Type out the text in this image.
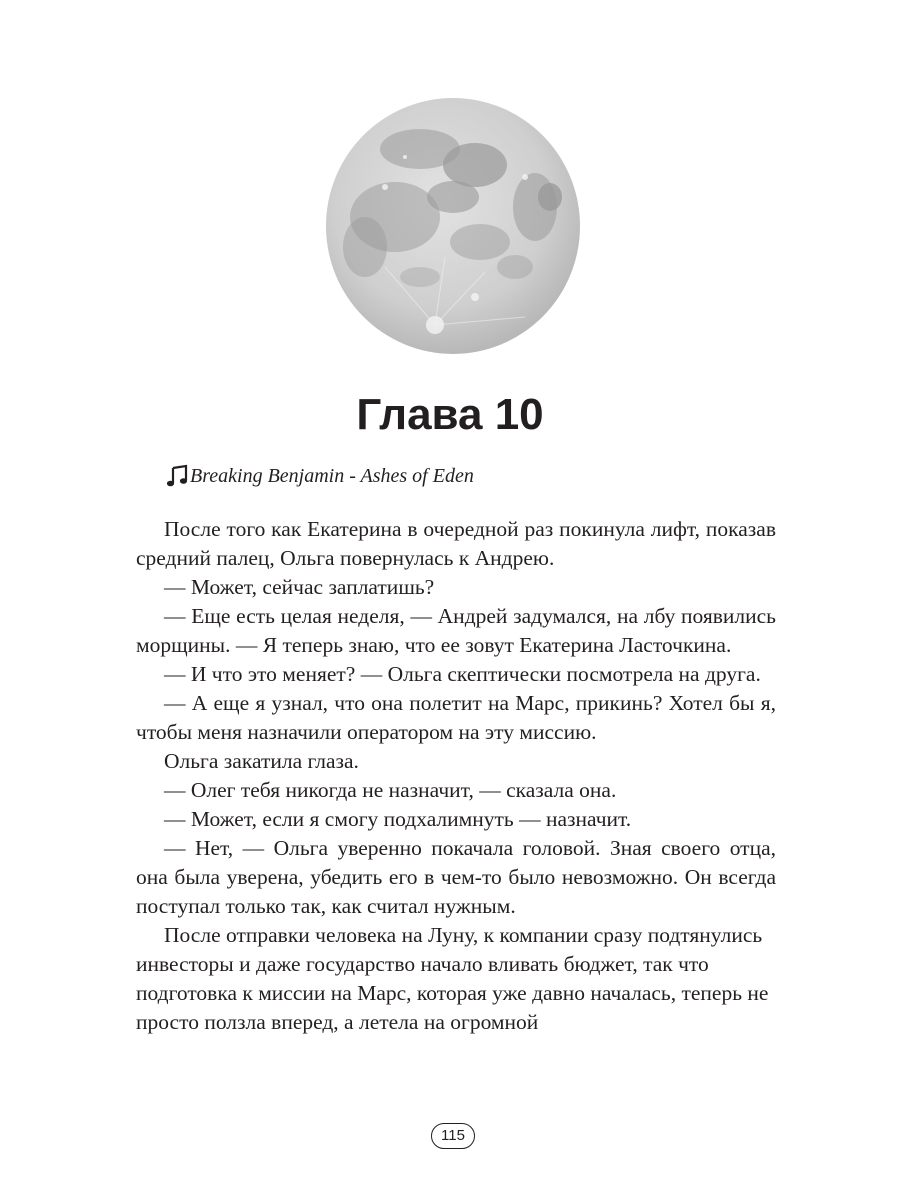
Глава 10
Breaking Benjamin - Ashes of Eden

После того как Екатерина в очередной раз покинула лифт, показав средний палец, Ольга повернулась к Андрею.

— Может, сейчас заплатишь?

— Еще есть целая неделя, — Андрей задумался, на лбу появились морщины. — Я теперь знаю, что ее зовут Екатерина Ласточкина.

— И что это меняет? — Ольга скептически посмотрела на друга.

— А еще я узнал, что она полетит на Марс, прикинь? Хотел бы я, чтобы меня назначили оператором на эту миссию.

Ольга закатила глаза.

— Олег тебя никогда не назначит, — сказала она.

— Может, если я смогу подхалимнуть — назначит.

— Нет, — Ольга уверенно покачала головой. Зная своего отца, она была уверена, убедить его в чем-то было невозможно. Он всегда поступал только так, как считал нужным.

После отправки человека на Луну, к компании сразу подтянулись инвесторы и даже государство начало вливать бюджет, так что подготовка к миссии на Марс, которая уже давно началась, теперь не просто ползла вперед, а летела на огромной

115
